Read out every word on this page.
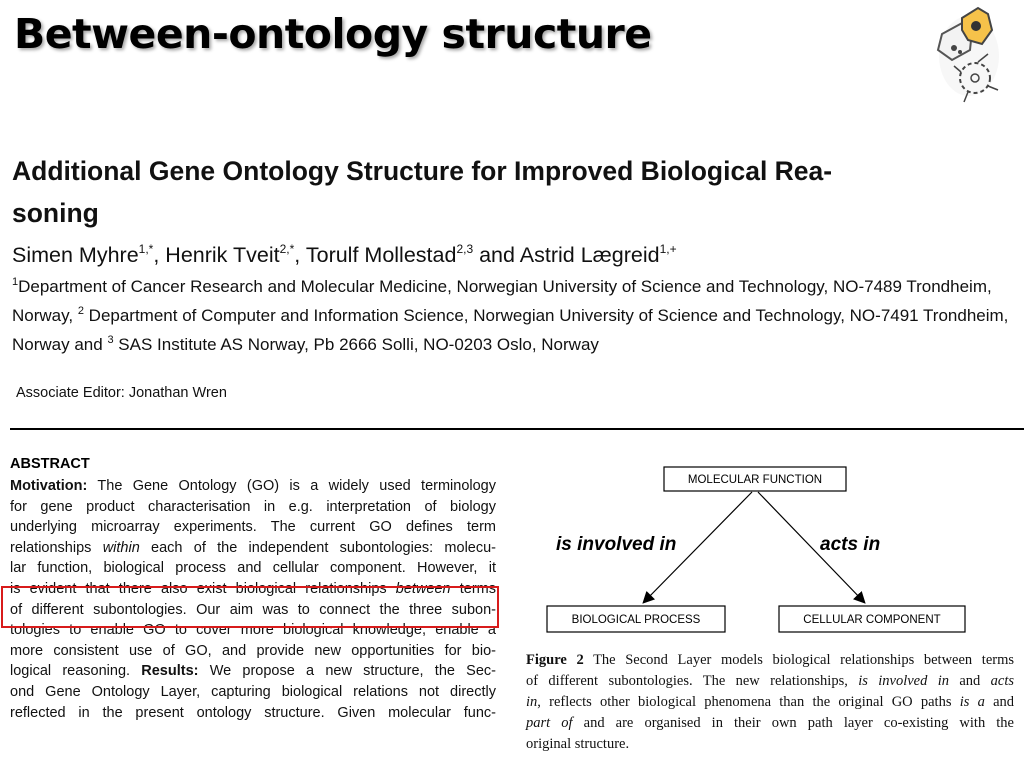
Between-ontology structure
Additional Gene Ontology Structure for Improved Biological Rea-
soning

Simen Myhre$^{1,*}$, Henrik Tveit$^{2,*}$, Torulf Mollestad$^{2,3}$ and Astrid Lægreid$^{1,+}$

$^1$Department of Cancer Research and Molecular Medicine, Norwegian University of Science and Technology, NO-7489 Trondheim, Norway, $^2$ Department of Computer and Information Science, Norwegian University of Science and Technology, NO-7491 Trondheim, Norway and $^3$ SAS Institute AS Norway, Pb 2666 Solli, NO-0203 Oslo, Norway

Associate Editor: Jonathan Wren

ABSTRACT
Motivation: The Gene Ontology (GO) is a widely used terminology
for gene product characterisation in e.g. interpretation of biology
underlying microarray experiments. The current GO defines term
relationships within each of the independent subontologies: molecu-
lar function, biological process and cellular component. However, it
is evident that there also exist biological relationships between terms
of different subontologies. Our aim was to connect the three subon-
tologies to enable GO to cover more biological knowledge, enable a
more consistent use of GO, and provide new opportunities for bio-
logical reasoning. Results: We propose a new structure, the Sec-
ond Gene Ontology Layer, capturing biological relations not directly
reflected in the present ontology structure. Given molecular func-
MOLECULAR FUNCTION
BIOLOGICAL PROCESS	CELLULAR COMPONENT
is involved in	acts in
Figure 2 The Second Layer models biological relationships between terms
of different subontologies. The new relationships, is involved in and acts
in, reflects other biological phenomena than the original GO paths is a and
part of and are organised in their own path layer co-existing with the
original structure.
